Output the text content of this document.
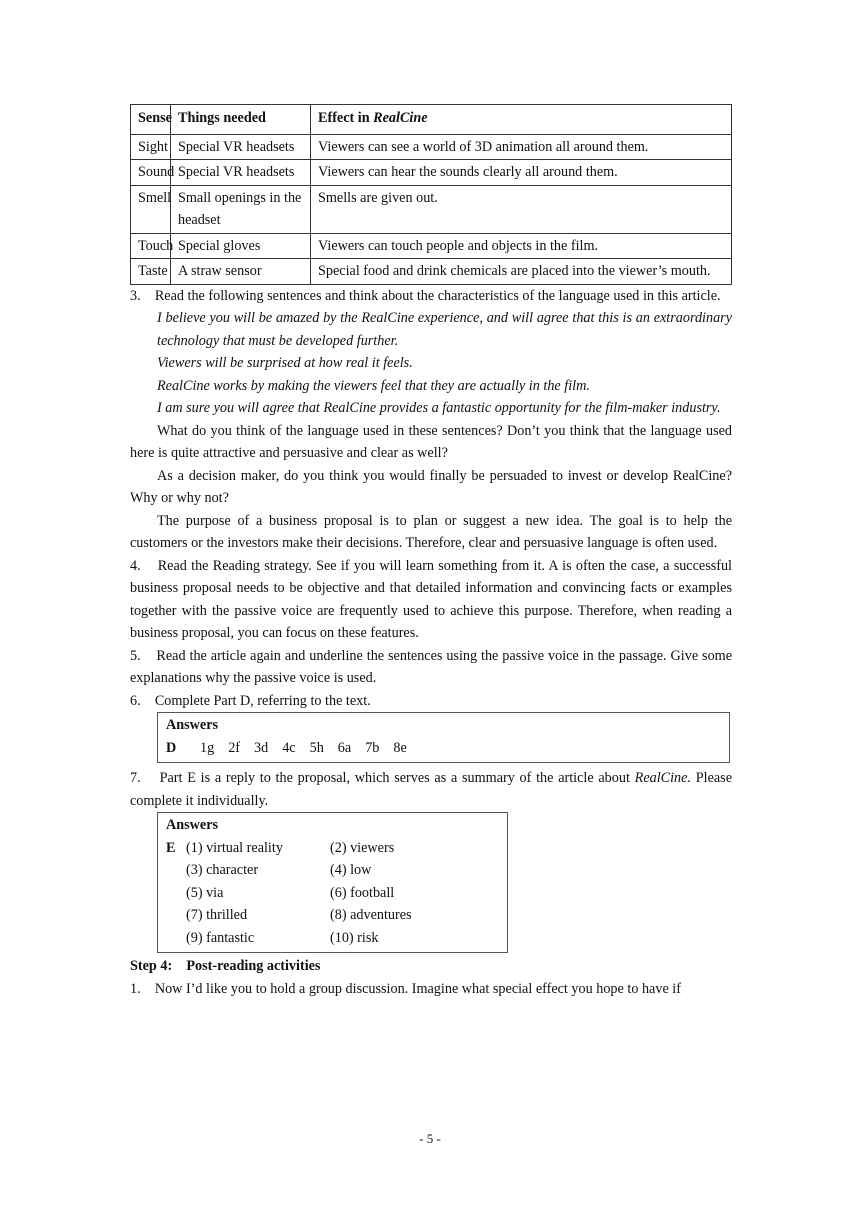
Sense	Things needed	Effect in RealCine
Sight	Special VR headsets	Viewers can see a world of 3D animation all around them.
Sound	Special VR headsets	Viewers can hear the sounds clearly all around them.
Smell	Small openings in the headset	Smells are given out.
Touch	Special gloves	Viewers can touch people and objects in the film.
Taste	A straw sensor	Special food and drink chemicals are placed into the viewer’s mouth.

3.    Read the following sentences and think about the characteristics of the language used in this article.

I believe you will be amazed by the RealCine experience, and will agree that this is an extraordinary technology that must be developed further.

Viewers will be surprised at how real it feels.

RealCine works by making the viewers feel that they are actually in the film.

I am sure you will agree that RealCine provides a fantastic opportunity for the film-maker industry.

What do you think of the language used in these sentences? Don’t you think that the language used here is quite attractive and persuasive and clear as well?

As a decision maker, do you think you would finally be persuaded to invest or develop RealCine? Why or why not?

The purpose of a business proposal is to plan or suggest a new idea. The goal is to help the customers or the investors make their decisions. Therefore, clear and persuasive language is often used.

4.    Read the Reading strategy. See if you will learn something from it. A is often the case, a successful business proposal needs to be objective and that detailed information and convincing facts or examples together with the passive voice are frequently used to achieve this purpose. Therefore, when reading a business proposal, you can focus on these features.

5.    Read the article again and underline the sentences using the passive voice in the passage. Give some explanations why the passive voice is used.

6.    Complete Part D, referring to the text.

Answers
D 1g 2f 3d 4c 5h 6a 7b 8e

7.    Part E is a reply to the proposal, which serves as a summary of the article about RealCine. Please complete it individually.

Answers
E (1) virtual reality	(2) viewers
(3) character	(4) low
(5) via	(6) football
(7) thrilled	(8) adventures
(9) fantastic	(10) risk

Step 4:    Post-reading activities

1.    Now I’d like you to hold a group discussion. Imagine what special effect you hope to have if

- 5 -
